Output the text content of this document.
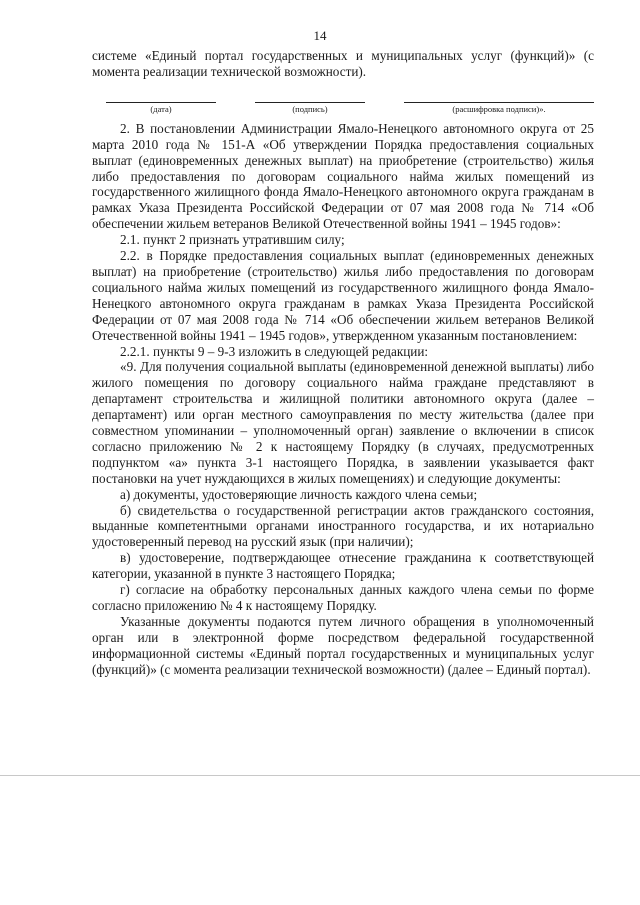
14

системе «Единый портал государственных и муниципальных услуг (функций)» (с момента реализации технической возможности).

(дата)	(подпись)	(расшифровка подписи)».

2. В постановлении Администрации Ямало-Ненецкого автономного округа от 25 марта 2010 года № 151-А «Об утверждении Порядка предоставления социальных выплат (единовременных денежных выплат) на приобретение (строительство) жилья либо предоставления по договорам социального найма жилых помещений из государственного жилищного фонда Ямало-Ненецкого автономного округа гражданам в рамках Указа Президента Российской Федерации от 07 мая 2008 года № 714 «Об обеспечении жильем ветеранов Великой Отечественной войны 1941 – 1945 годов»:

2.1. пункт 2 признать утратившим силу;

2.2. в Порядке предоставления социальных выплат (единовременных денежных выплат) на приобретение (строительство) жилья либо предоставления по договорам социального найма жилых помещений из государственного жилищного фонда Ямало-Ненецкого автономного округа гражданам в рамках Указа Президента Российской Федерации от 07 мая 2008 года № 714 «Об обеспечении жильем ветеранов Великой Отечественной войны 1941 – 1945 годов», утвержденном указанным постановлением:

2.2.1. пункты 9 – 9-3 изложить в следующей редакции:

«9. Для получения социальной выплаты (единовременной денежной выплаты) либо жилого помещения по договору социального найма граждане представляют в департамент строительства и жилищной политики автономного округа (далее – департамент) или орган местного самоуправления по месту жительства (далее при совместном упоминании – уполномоченный орган) заявление о включении в список согласно приложению № 2 к настоящему Порядку (в случаях, предусмотренных подпунктом «а» пункта 3-1 настоящего Порядка, в заявлении указывается факт постановки на учет нуждающихся в жилых помещениях) и следующие документы:

а) документы, удостоверяющие личность каждого члена семьи;

б) свидетельства о государственной регистрации актов гражданского состояния, выданные компетентными органами иностранного государства, и их нотариально удостоверенный перевод на русский язык (при наличии);

в) удостоверение, подтверждающее отнесение гражданина к соответствующей категории, указанной в пункте 3 настоящего Порядка;

г) согласие на обработку персональных данных каждого члена семьи по форме согласно приложению № 4 к настоящему Порядку.

Указанные документы подаются путем личного обращения в уполномоченный орган или в электронной форме посредством федеральной государственной информационной системы «Единый портал государственных и муниципальных услуг (функций)» (с момента реализации технической возможности) (далее – Единый портал).
